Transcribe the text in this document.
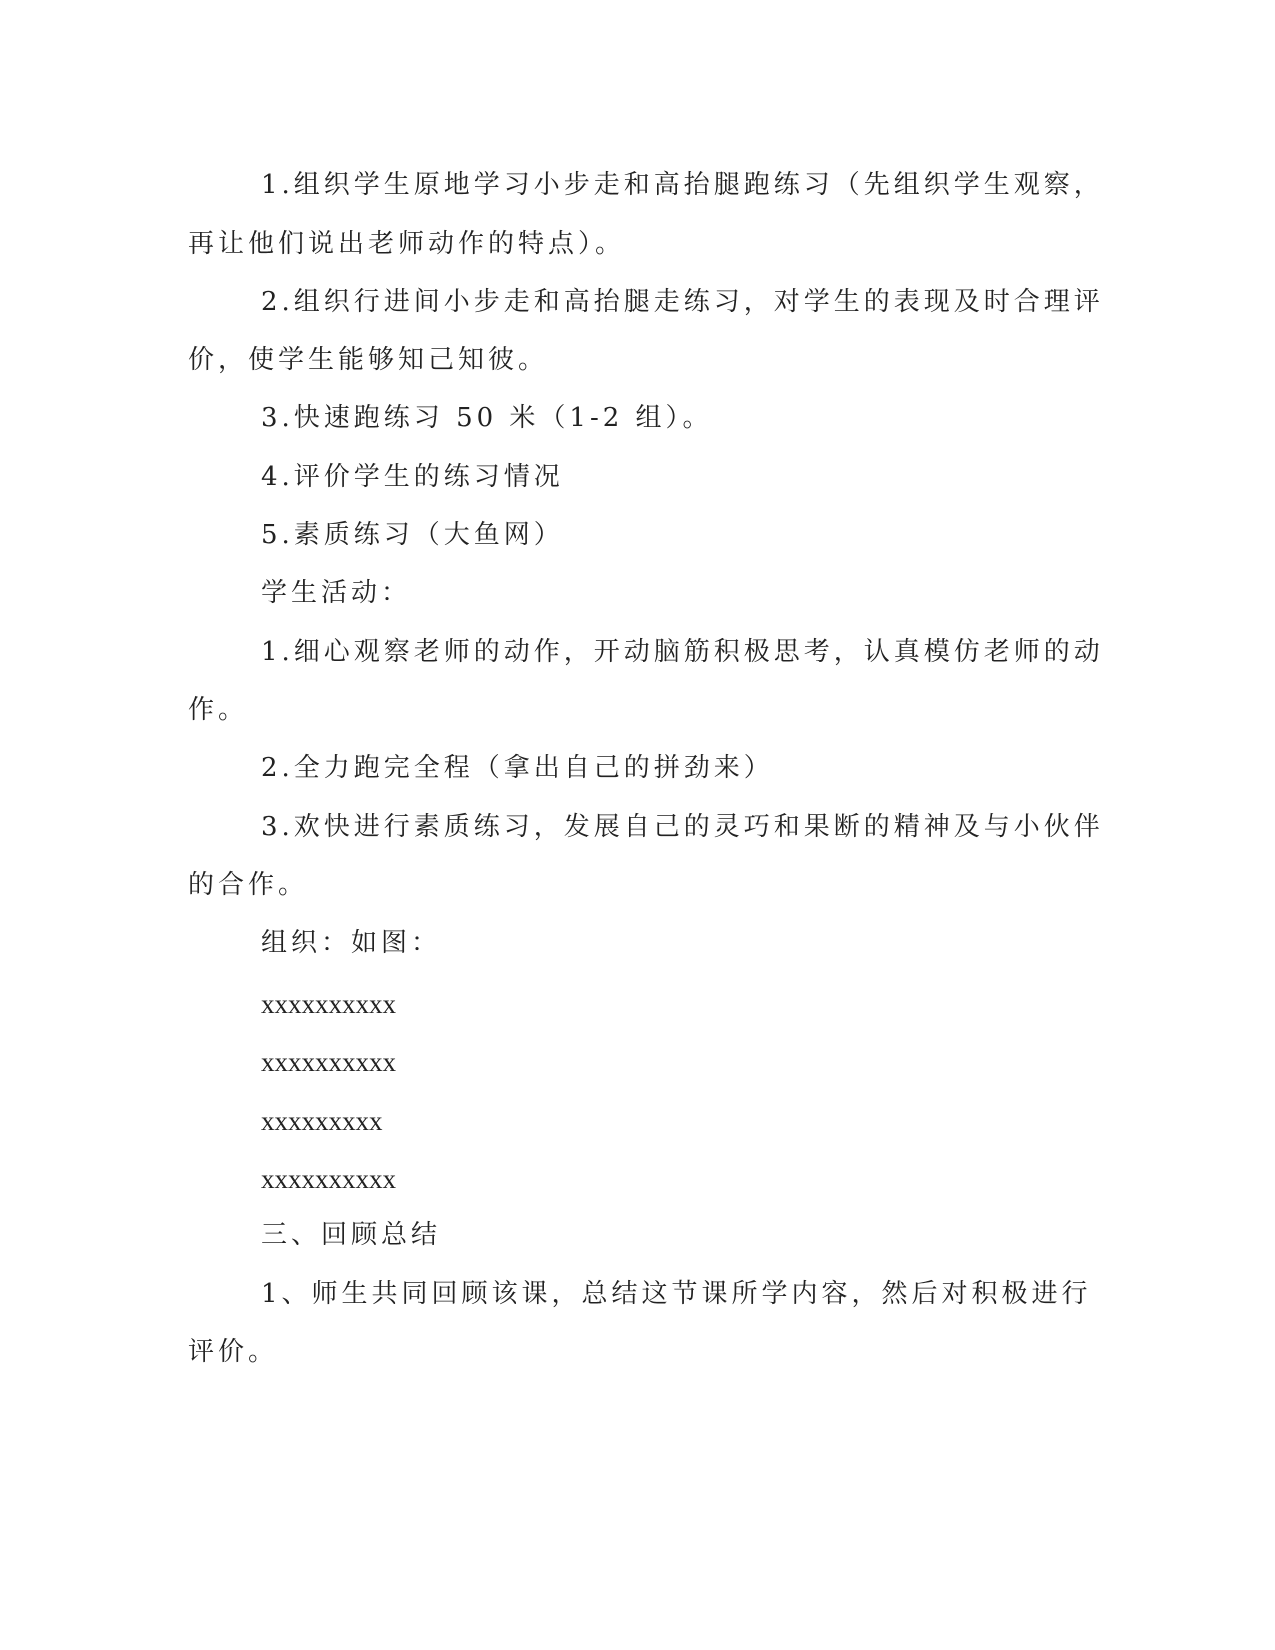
1.组织学生原地学习小步走和高抬腿跑练习（先组织学生观察，
再让他们说出老师动作的特点）。
2.组织行进间小步走和高抬腿走练习，对学生的表现及时合理评
价，使学生能够知己知彼。
3.快速跑练习 50 米（1-2 组）。
4.评价学生的练习情况
5.素质练习（大鱼网）
学生活动：
1.细心观察老师的动作，开动脑筋积极思考，认真模仿老师的动
作。
2.全力跑完全程（拿出自己的拼劲来）
3.欢快进行素质练习，发展自己的灵巧和果断的精神及与小伙伴
的合作。
组织：如图：
xxxxxxxxxx
xxxxxxxxxx
xxxxxxxxx
xxxxxxxxxx
三、回顾总结
1、师生共同回顾该课，总结这节课所学内容，然后对积极进行
评价。
